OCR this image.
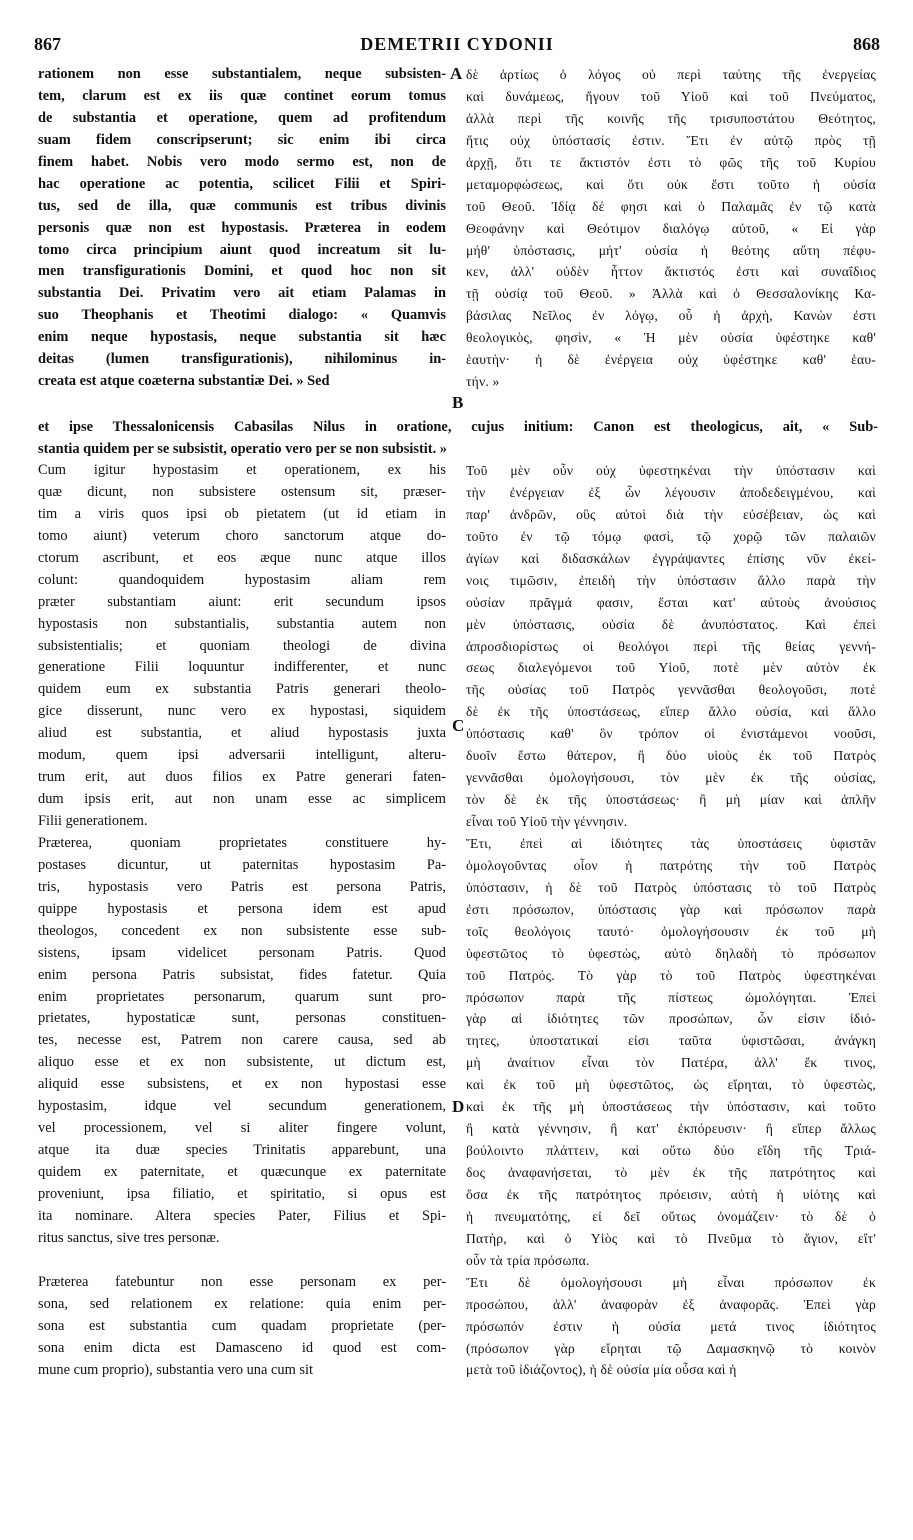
867	DEMETRII CYDONII	868
A
B
C
D
rationem non esse substantialem, neque subsisten-
tem, clarum est ex iis quæ continet eorum tomus
de substantia et operatione, quem ad profitendum
suam fidem conscripserunt; sic enim ibi circa
finem habet. Nobis vero modo sermo est, non de
hac operatione ac potentia, scilicet Filii et Spiri-
tus, sed de illa, quæ communis est tribus divinis
personis quæ non est hypostasis. Præterea in eodem
tomo circa principium aiunt quod increatum sit lu-
men transfigurationis Domini, et quod hoc non sit
substantia Dei. Privatim vero ait etiam Palamas in
suo Theophanis et Theotimi dialogo: « Quamvis
enim neque hypostasis, neque substantia sit hæc
deitas (lumen transfigurationis), nihilominus in-
creata est atque coæterna substantiæ Dei. » Sed
δὲ ἀρτίως ὁ λόγος οὐ περὶ ταύτης τῆς ἐνεργείας
καὶ δυνάμεως, ἤγουν τοῦ Υἱοῦ καὶ τοῦ Πνεύματος,
ἀλλὰ περὶ τῆς κοινῆς τῆς τρισυποστάτου Θεότητος,
ἥτις οὐχ ὑπόστασίς ἐστιν. Ἔτι ἐν αὐτῷ πρὸς τῇ
ἀρχῇ, ὅτι τε ἄκτιστόν ἐστι τὸ φῶς τῆς τοῦ Κυρίου
μεταμορφώσεως, καὶ ὅτι οὐκ ἔστι τοῦτο ἡ οὐσία
τοῦ Θεοῦ. Ἰδίᾳ δέ φησι καὶ ὁ Παλαμᾶς ἐν τῷ κατὰ
Θεοφάνην καὶ Θεότιμον διαλόγῳ αὐτοῦ, « Εἰ γὰρ
μήθ' ὑπόστασις, μήτ' οὐσία ἡ θεότης αὕτη πέφυ-
κεν, ἀλλ' οὐδὲν ἧττον ἄκτιστός ἐστι καὶ συναΐδιος
τῇ οὐσίᾳ τοῦ Θεοῦ. » Ἀλλὰ καὶ ὁ Θεσσαλονίκης Κα-
βάσιλας Νεῖλος ἐν λόγῳ, οὗ ἡ ἀρχὴ, Κανὼν ἐστι
θεολογικὸς, φησὶν, « Ἡ μὲν οὐσία ὑφέστηκε καθ'
ἑαυτὴν· ἡ δὲ ἐνέργεια οὐχ ὑφέστηκε καθ' ἑαυ-
τήν. »
et ipse Thessalonicensis Cabasilas Nilus in oratione, cujus initium: Canon est theologicus, ait, « Sub-
stantia quidem per se subsistit, operatio vero per se non subsistit. »
Cum igitur hypostasim et operationem, ex his
quæ dicunt, non subsistere ostensum sit, præser-
tim a viris quos ipsi ob pietatem (ut id etiam in
tomo aiunt) veterum choro sanctorum atque do-
ctorum ascribunt, et eos æque nunc atque illos
colunt: quandoquidem hypostasim aliam rem
præter substantiam aiunt: erit secundum ipsos
hypostasis non substantialis, substantia autem non
subsistentialis; et quoniam theologi de divina
generatione Filii loquuntur indifferenter, et nunc
quidem eum ex substantia Patris generari theolo-
gice disserunt, nunc vero ex hypostasi, siquidem
aliud est substantia, et aliud hypostasis juxta
modum, quem ipsi adversarii intelligunt, alteru-
trum erit, aut duos filios ex Patre generari faten-
dum ipsis erit, aut non unam esse ac simplicem
Filii generationem.
Præterea, quoniam proprietates constituere hy-
postases dicuntur, ut paternitas hypostasim Pa-
tris, hypostasis vero Patris est persona Patris,
quippe hypostasis et persona idem est apud
theologos, concedent ex non subsistente esse sub-
sistens, ipsam videlicet personam Patris. Quod
enim persona Patris subsistat, fides fatetur. Quia
enim proprietates personarum, quarum sunt pro-
prietates, hypostaticæ sunt, personas constituen-
tes, necesse est, Patrem non carere causa, sed ab
aliquo esse et ex non subsistente, ut dictum est,
aliquid esse subsistens, et ex non hypostasi esse
hypostasim, idque vel secundum generationem,
vel processionem, vel si aliter fingere volunt,
atque ita duæ species Trinitatis apparebunt, una
quidem ex paternitate, et quæcunque ex paternitate
proveniunt, ipsa filiatio, et spiritatio, si opus est
ita nominare. Altera species Pater, Filius et Spi-
ritus sanctus, sive tres personæ.
Præterea fatebuntur non esse personam ex per-
sona, sed relationem ex relatione: quia enim per-
sona est substantia cum quadam proprietate (per-
sona enim dicta est Damasceno id quod est com-
mune cum proprio), substantia vero una cum sit
Τοῦ μὲν οὖν οὐχ ὑφεστηκέναι τὴν ὑπόστασιν καὶ
τὴν ἐνέργειαν ἐξ ὧν λέγουσιν ἀποδεδειγμένου, καὶ
παρ' ἀνδρῶν, οὓς αὐτοὶ διὰ τὴν εὐσέβειαν, ὡς καὶ
τοῦτο ἐν τῷ τόμῳ φασὶ, τῷ χορῷ τῶν παλαιῶν
ἁγίων καὶ διδασκάλων ἐγγράψαντες ἐπίσης νῦν ἐκεί-
νοις τιμῶσιν, ἐπειδὴ τὴν ὑπόστασιν ἄλλο παρὰ τὴν
οὐσίαν πρᾶγμά φασιν, ἔσται κατ' αὐτοὺς ἀνούσιος
μὲν ὑπόστασις, οὐσία δὲ ἀνυπόστατος. Καὶ ἐπεὶ
ἀπροσδιορίστως οἱ θεολόγοι περὶ τῆς θείας γεννή-
σεως διαλεγόμενοι τοῦ Υἱοῦ, ποτὲ μὲν αὐτὸν ἐκ
τῆς οὐσίας τοῦ Πατρὸς γεννᾶσθαι θεολογοῦσι, ποτὲ
δὲ ἐκ τῆς ὑποστάσεως, εἴπερ ἄλλο οὐσία, καὶ ἄλλο
ὑπόστασις καθ' ὃν τρόπον οἱ ἐνιστάμενοι νοοῦσι,
δυοῖν ἔστω θάτερον, ἢ δύο υἱοὺς ἐκ τοῦ Πατρὸς
γεννᾶσθαι ὁμολογήσουσι, τὸν μὲν ἐκ τῆς οὐσίας,
τὸν δὲ ἐκ τῆς ὑποστάσεως· ἢ μὴ μίαν καὶ ἁπλῆν
εἶναι τοῦ Υἱοῦ τὴν γέννησιν.
Ἔτι, ἐπεὶ αἱ ἰδιότητες τὰς ὑποστάσεις ὑφιστᾶν
ὁμολογοῦντας οἷον ἡ πατρότης τὴν τοῦ Πατρὸς
ὑπόστασιν, ἡ δὲ τοῦ Πατρὸς ὑπόστασις τὸ τοῦ Πατρὸς
ἐστι πρόσωπον, ὑπόστασις γὰρ καὶ πρόσωπον παρὰ
τοῖς θεολόγοις ταυτό· ὁμολογήσουσιν ἐκ τοῦ μὴ
ὑφεστῶτος τὸ ὑφεστὼς, αὐτὸ δηλαδὴ τὸ πρόσωπον
τοῦ Πατρός. Τὸ γὰρ τὸ τοῦ Πατρὸς ὑφεστηκέναι
πρόσωπον παρὰ τῆς πίστεως ὡμολόγηται. Ἐπεὶ
γὰρ αἱ ἰδιότητες τῶν προσώπων, ὧν εἰσιν ἰδιό-
τητες, ὑποστατικαί εἰσι ταῦτα ὑφιστῶσαι, ἀνάγκη
μὴ ἀναίτιον εἶναι τὸν Πατέρα, ἀλλ' ἔκ τινος,
καὶ ἐκ τοῦ μὴ ὑφεστῶτος, ὡς εἴρηται, τὸ ὑφεστὼς,
καὶ ἐκ τῆς μὴ ὑποστάσεως τὴν ὑπόστασιν, καὶ τοῦτο
ἢ κατὰ γέννησιν, ἢ κατ' ἐκπόρευσιν· ἢ εἴπερ ἄλλως
βούλοιντο πλάττειν, καὶ οὕτω δύο εἴδη τῆς Τριά-
δος ἀναφανήσεται, τὸ μὲν ἐκ τῆς πατρότητος καὶ
ὅσα ἐκ τῆς πατρότητος πρόεισιν, αὐτὴ ἡ υἱότης καὶ
ἡ πνευματότης, εἰ δεῖ οὕτως ὀνομάζειν· τὸ δὲ ὁ
Πατὴρ, καὶ ὁ Υἱὸς καὶ τὸ Πνεῦμα τὸ ἅγιον, εἴτ'
οὖν τὰ τρία πρόσωπα.
Ἔτι δὲ ὁμολογήσουσι μὴ εἶναι πρόσωπον ἐκ
προσώπου, ἀλλ' ἀναφορὰν ἐξ ἀναφορᾶς. Ἐπεὶ γὰρ
πρόσωπόν ἐστιν ἡ οὐσία μετά τινος ἰδιότητος
(πρόσωπον γὰρ εἴρηται τῷ Δαμασκηνῷ τὸ κοινὸν
μετὰ τοῦ ἰδιάζοντος), ἡ δὲ οὐσία μία οὖσα καὶ ἡ
